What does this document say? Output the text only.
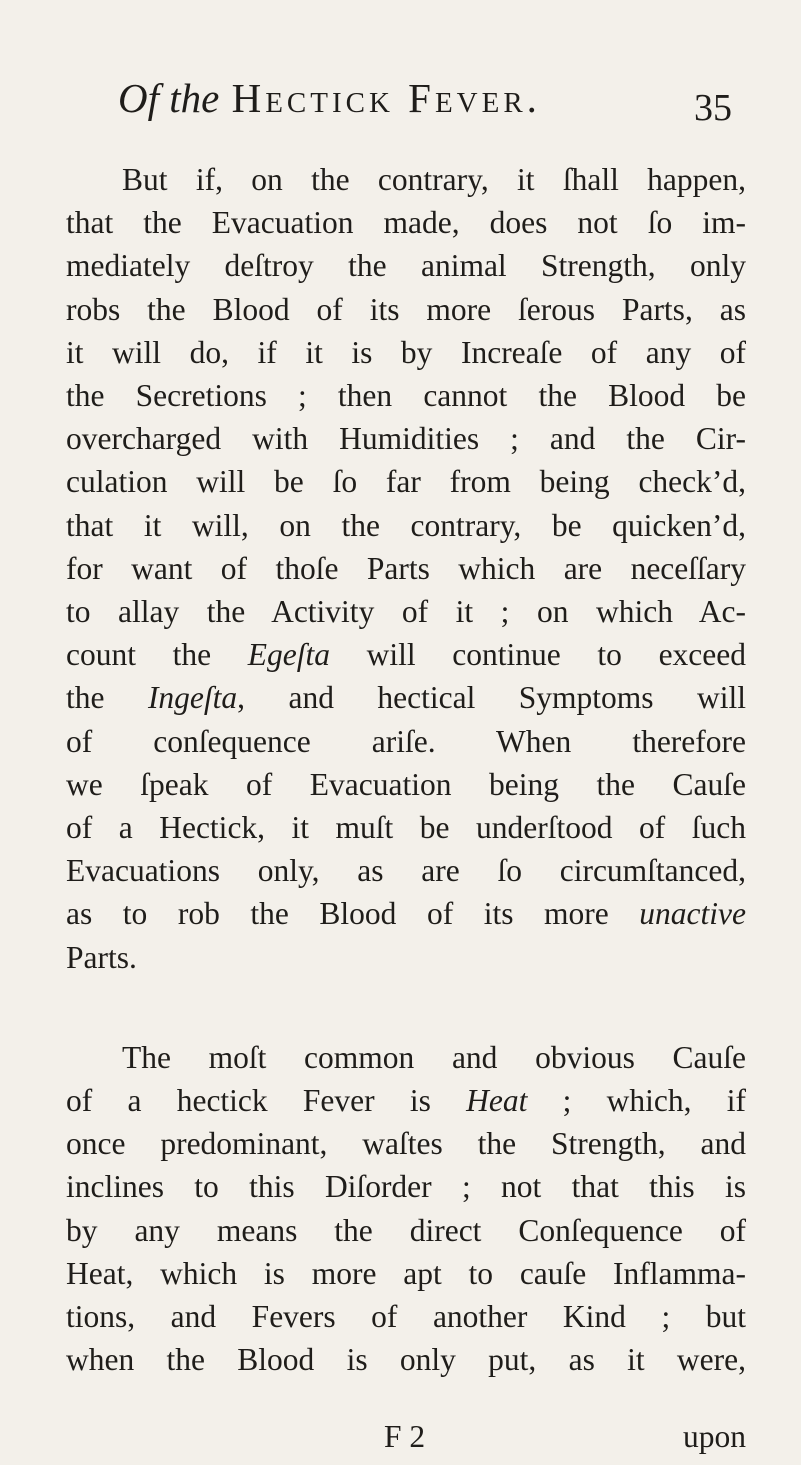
Of the Hectick Fever.	35
But if, on the contrary, it ſhall happen,
that the Evacuation made, does not ſo im-
mediately deſtroy the animal Strength, only
robs the Blood of its more ſerous Parts, as
it will do, if it is by Increaſe of any of
the Secretions ; then cannot the Blood be
overcharged with Humidities ; and the Cir-
culation will be ſo far from being check’d,
that it will, on the contrary, be quicken’d,
for want of thoſe Parts which are neceſſary
to allay the Activity of it ; on which Ac-
count the Egeſta will continue to exceed
the Ingeſta, and hectical Symptoms will
of conſequence ariſe. When therefore
we ſpeak of Evacuation being the Cauſe
of a Hectick, it muſt be underſtood of ſuch
Evacuations only, as are ſo circumſtanced,
as to rob the Blood of its more unactive
Parts.
The moſt common and obvious Cauſe
of a hectick Fever is Heat ; which, if
once predominant, waſtes the Strength, and
inclines to this Diſorder ; not that this is
by any means the direct Conſequence of
Heat, which is more apt to cauſe Inflamma-
tions, and Fevers of another Kind ; but
when the Blood is only put, as it were,
F 2	upon
